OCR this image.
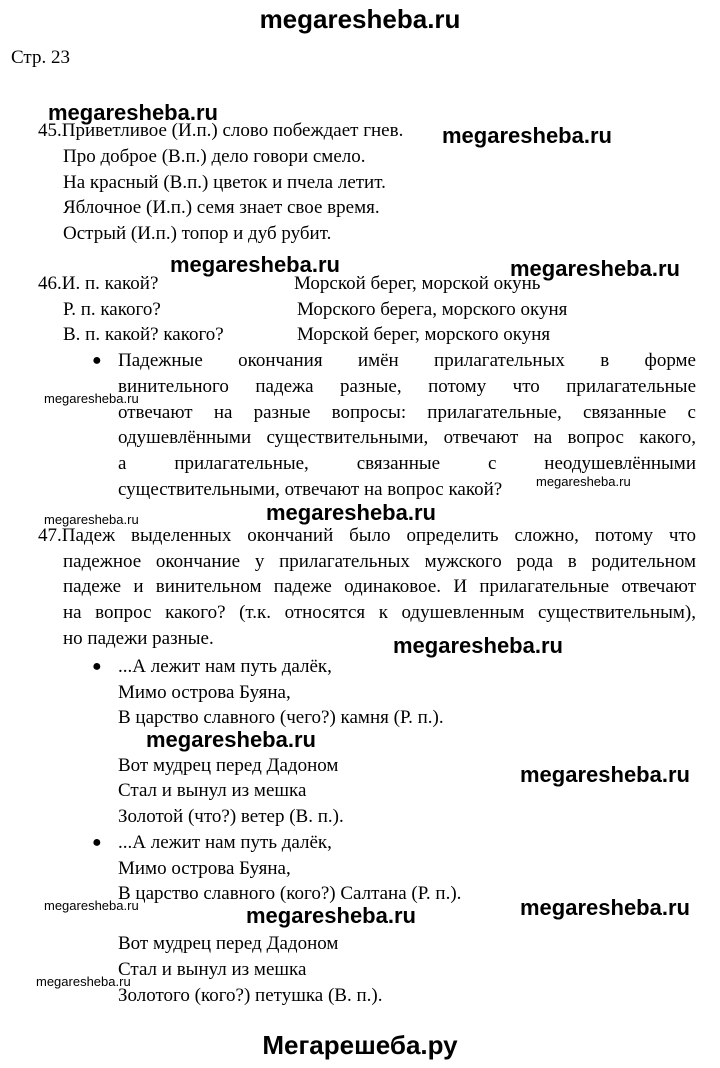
megaresheba.ru
Стр. 23
megaresheba.ru
45.Приветливое (И.п.) слово побеждает гнев. megaresheba.ru
Про доброе (В.п.) дело говори смело.
На красный (В.п.) цветок и пчела летит.
Яблочное (И.п.) семя знает свое время.
Острый (И.п.) топор и дуб рубит.
megaresheba.ru	megaresheba.ru
46.И. п. какой?	Морской берег, морской окунь
Р. п. какого?	Морского берега, морского окуня
В. п. какой? какого?	Морской берег, морского окуня
● Падежные окончания имён прилагательных в форме
винительного падежа разные, потому что прилагательные
megaresheba.ru
отвечают на разные вопросы: прилагательные, связанные с
одушевлёнными существительными, отвечают на вопрос какого,
а прилагательные, связанные с неодушевлёнными
существительными, отвечают на вопрос какой?	megaresheba.ru
megaresheba.ru	megaresheba.ru
47.Падеж выделенных окончаний было определить сложно, потому что
падежное окончание у прилагательных мужского рода в родительном
падеже и винительном падеже одинаковое. И прилагательные отвечают
на вопрос какого? (т.к. относятся к одушевленным существительным),
но падежи разные.	megaresheba.ru
● ...А лежит нам путь далёк,
Мимо острова Буяна,
В царство славного (чего?) камня (Р. п.).
megaresheba.ru
Вот мудрец перед Дадоном	megaresheba.ru
Стал и вынул из мешка
Золотой (что?) ветер (В. п.).
● ...А лежит нам путь далёк,
Мимо острова Буяна,
В царство славного (кого?) Салтана (Р. п.).
megaresheba.ru	megaresheba.ru	megaresheba.ru
Вот мудрец перед Дадоном
Стал и вынул из мешка
megaresheba.ru
Золотого (кого?) петушка (В. п.).
Мегарешеба.ру
